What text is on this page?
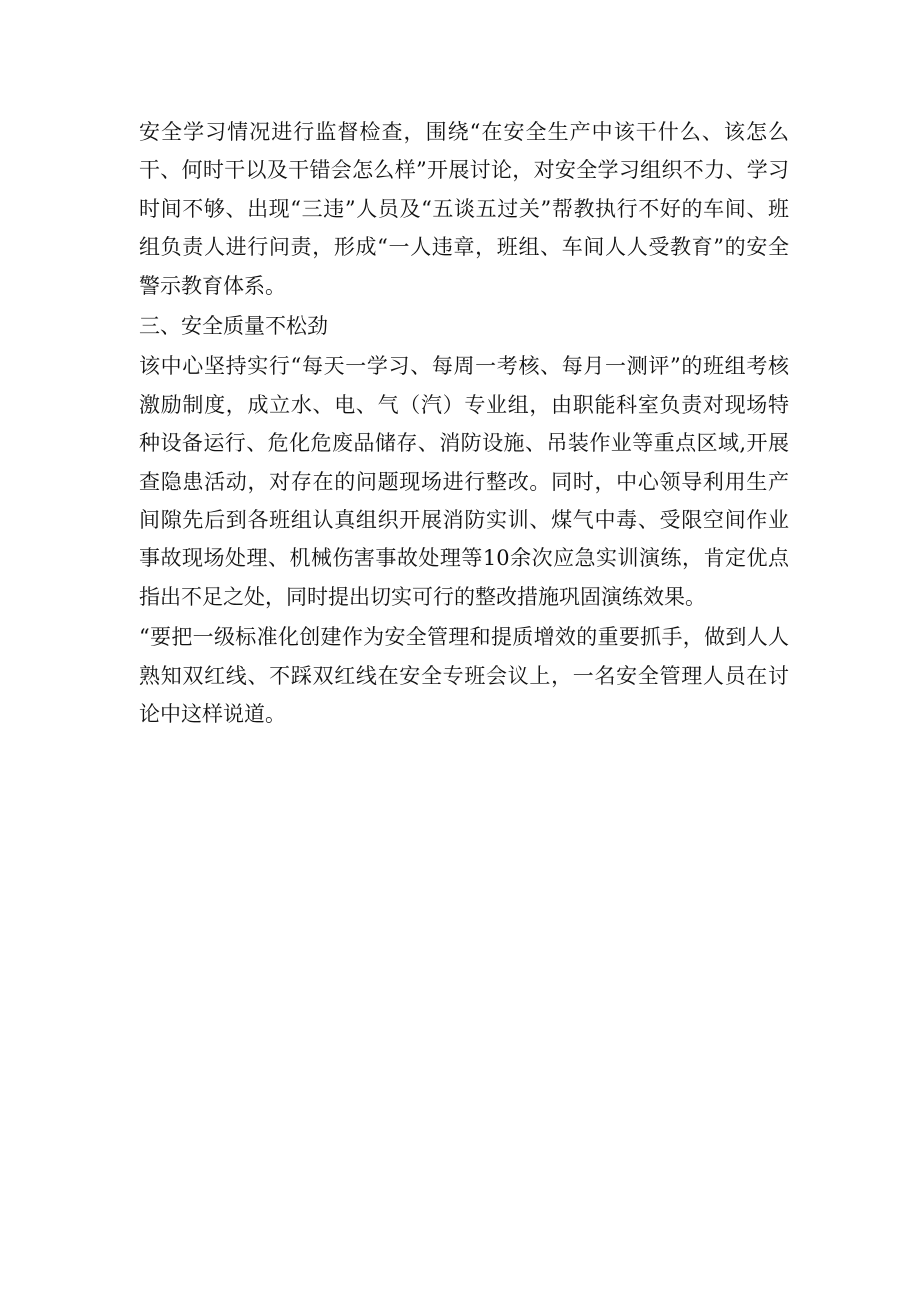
安全学习情况进行监督检查，围绕“在安全生产中该干什么、该怎么干、何时干以及干错会怎么样”开展讨论，对安全学习组织不力、学习时间不够、出现“三违”人员及“五谈五过关”帮教执行不好的车间、班组负责人进行问责，形成“一人违章，班组、车间人人受教育”的安全警示教育体系。

三、安全质量不松劲

该中心坚持实行“每天一学习、每周一考核、每月一测评”的班组考核激励制度，成立水、电、气（汽）专业组，由职能科室负责对现场特种设备运行、危化危废品储存、消防设施、吊装作业等重点区域,开展查隐患活动，对存在的问题现场进行整改。同时，中心领导利用生产间隙先后到各班组认真组织开展消防实训、煤气中毒、受限空间作业事故现场处理、机械伤害事故处理等10余次应急实训演练，肯定优点指出不足之处，同时提出切实可行的整改措施巩固演练效果。

“要把一级标准化创建作为安全管理和提质增效的重要抓手，做到人人熟知双红线、不踩双红线在安全专班会议上，一名安全管理人员在讨论中这样说道。
